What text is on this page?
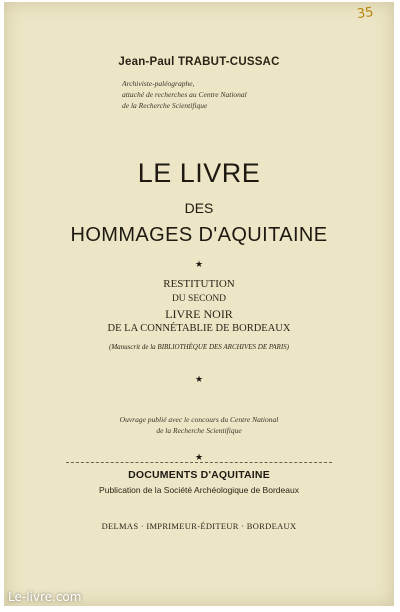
35
Jean-Paul TRABUT-CUSSAC
Archiviste-paléographe,
attaché de recherches au Centre National
de la Recherche Scientifique
LE LIVRE
DES
HOMMAGES D'AQUITAINE
★
RESTITUTION
DU SECOND
LIVRE NOIR
DE LA CONNÉTABLIE DE BORDEAUX
(Manuscrit de la BIBLIOTHÈQUE DES ARCHIVES DE PARIS)
★
Ouvrage publié avec le concours du Centre National
de la Recherche Scientifique
★
DOCUMENTS D'AQUITAINE
Publication de la Société Archéologique de Bordeaux
DELMAS · IMPRIMEUR-ÉDITEUR · BORDEAUX
Le-livre.com
